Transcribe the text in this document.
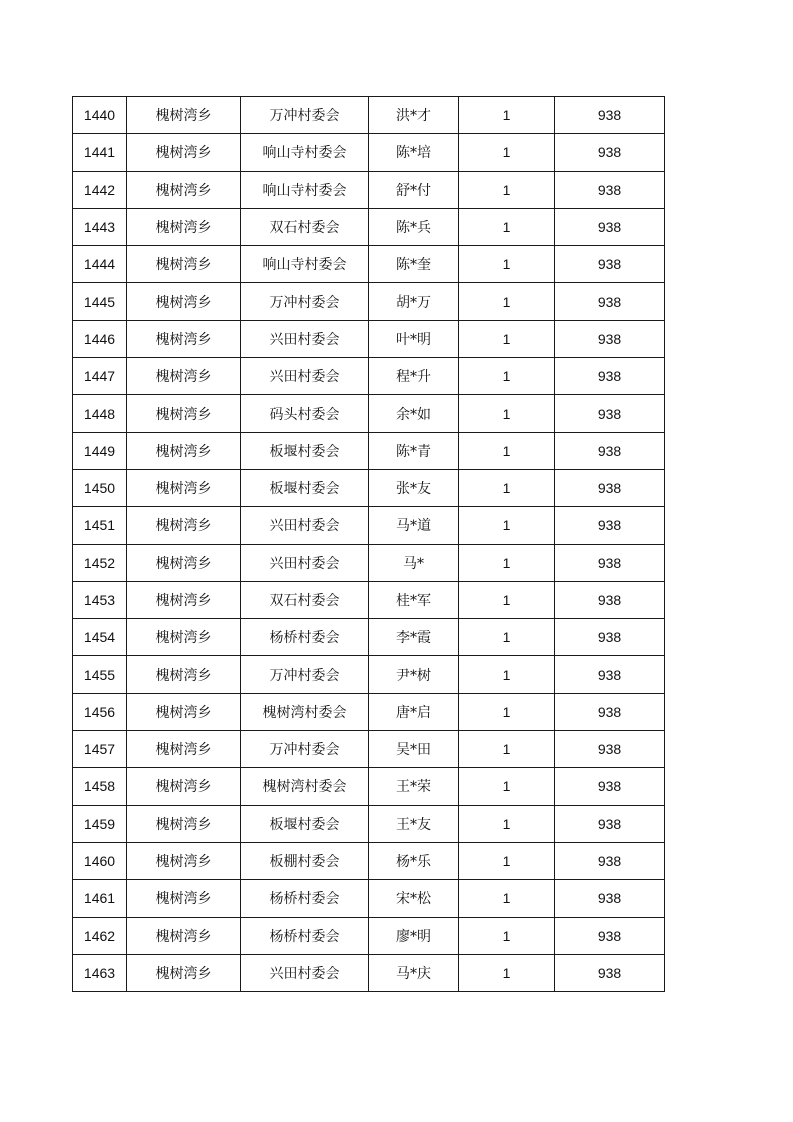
1440	槐树湾乡	万冲村委会	洪*才	1	938
1441	槐树湾乡	响山寺村委会	陈*培	1	938
1442	槐树湾乡	响山寺村委会	舒*付	1	938
1443	槐树湾乡	双石村委会	陈*兵	1	938
1444	槐树湾乡	响山寺村委会	陈*奎	1	938
1445	槐树湾乡	万冲村委会	胡*万	1	938
1446	槐树湾乡	兴田村委会	叶*明	1	938
1447	槐树湾乡	兴田村委会	程*升	1	938
1448	槐树湾乡	码头村委会	余*如	1	938
1449	槐树湾乡	板堰村委会	陈*青	1	938
1450	槐树湾乡	板堰村委会	张*友	1	938
1451	槐树湾乡	兴田村委会	马*道	1	938
1452	槐树湾乡	兴田村委会	马*	1	938
1453	槐树湾乡	双石村委会	桂*军	1	938
1454	槐树湾乡	杨桥村委会	李*霞	1	938
1455	槐树湾乡	万冲村委会	尹*树	1	938
1456	槐树湾乡	槐树湾村委会	唐*启	1	938
1457	槐树湾乡	万冲村委会	吴*田	1	938
1458	槐树湾乡	槐树湾村委会	王*荣	1	938
1459	槐树湾乡	板堰村委会	王*友	1	938
1460	槐树湾乡	板棚村委会	杨*乐	1	938
1461	槐树湾乡	杨桥村委会	宋*松	1	938
1462	槐树湾乡	杨桥村委会	廖*明	1	938
1463	槐树湾乡	兴田村委会	马*庆	1	938
